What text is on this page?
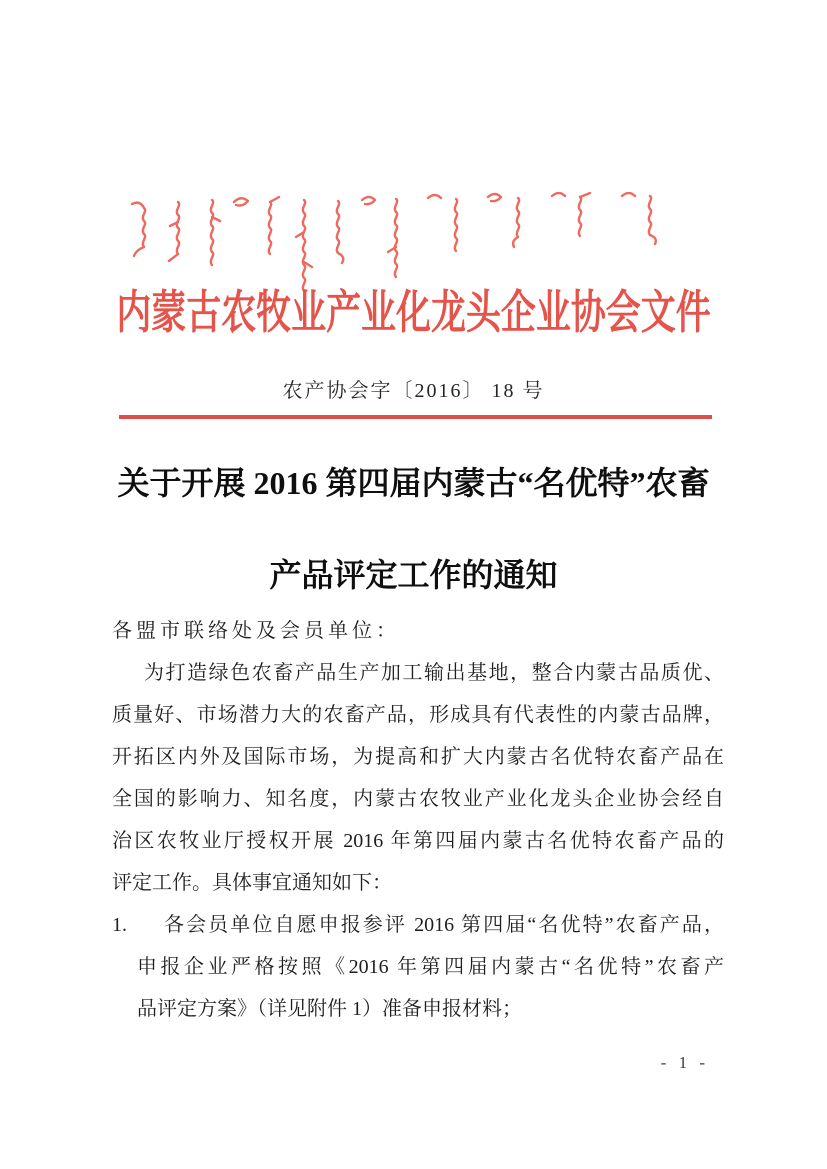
内蒙古农牧业产业化龙头企业协会文件
农产协会字〔2016〕 18 号
关于开展 2016 第四届内蒙古“名优特”农畜
产品评定工作的通知
各盟市联络处及会员单位：
为打造绿色农畜产品生产加工输出基地，整合内蒙古品质优、
质量好、市场潜力大的农畜产品，形成具有代表性的内蒙古品牌，
开拓区内外及国际市场，为提高和扩大内蒙古名优特农畜产品在
全国的影响力、知名度，内蒙古农牧业产业化龙头企业协会经自
治区农牧业厅授权开展 2016 年第四届内蒙古名优特农畜产品的
评定工作。具体事宜通知如下：
1.	各会员单位自愿申报参评 2016 第四届“名优特”农畜产品，
申报企业严格按照《2016 年第四届内蒙古“名优特”农畜产
品评定方案》（详见附件 1）准备申报材料；
- 1 -
